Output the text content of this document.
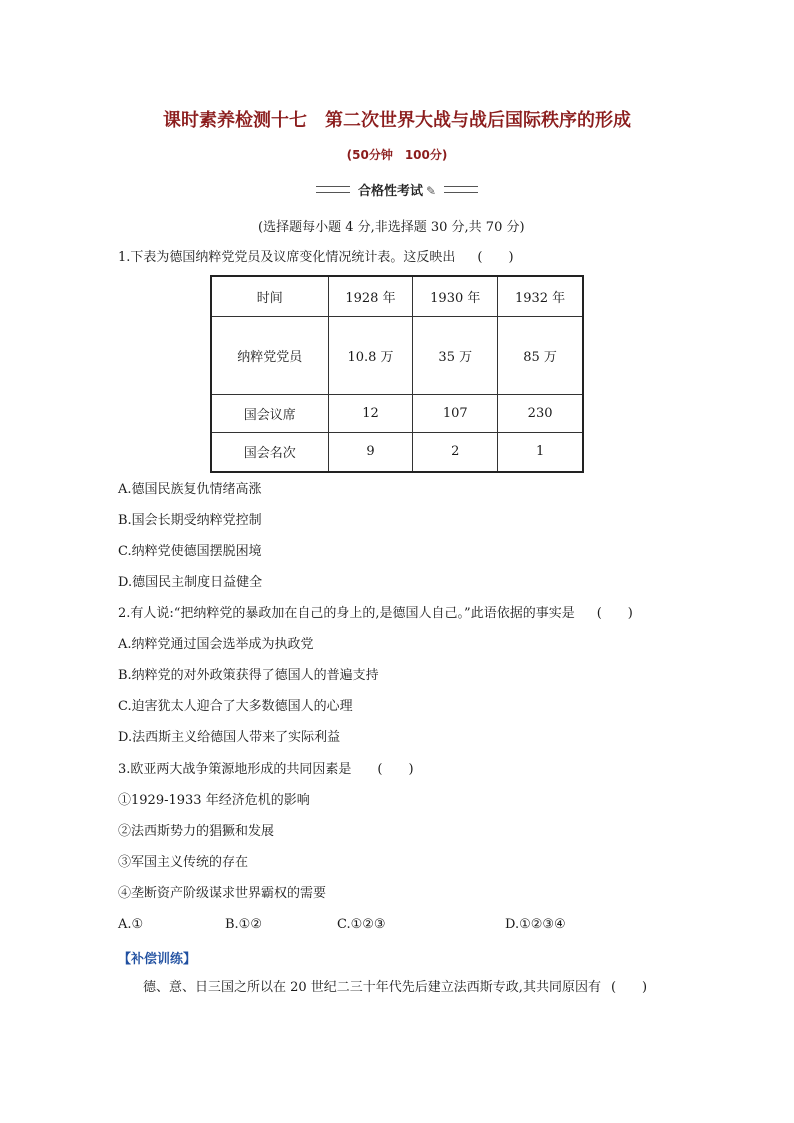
课时素养检测十七　第二次世界大战与战后国际秩序的形成
(50分钟　100分)
合格性考试 ✎
(选择题每小题 4 分,非选择题 30 分,共 70 分)
1.下表为德国纳粹党党员及议席变化情况统计表。这反映出 (　　)
时间	1928 年	1930 年	1932 年
纳粹党党员	10.8 万	35 万	85 万
国会议席	12	107	230
国会名次	9	2	1
A.德国民族复仇情绪高涨
B.国会长期受纳粹党控制
C.纳粹党使德国摆脱困境
D.德国民主制度日益健全
2.有人说:“把纳粹党的暴政加在自己的身上的,是德国人自己。”此语依据的事实是 (　　)
A.纳粹党通过国会选举成为执政党
B.纳粹党的对外政策获得了德国人的普遍支持
C.迫害犹太人迎合了大多数德国人的心理
D.法西斯主义给德国人带来了实际利益
3.欧亚两大战争策源地形成的共同因素是 (　　)
①1929-1933 年经济危机的影响
②法西斯势力的猖獗和发展
③军国主义传统的存在
④垄断资产阶级谋求世界霸权的需要
A.①	B.①②	C.①②③	D.①②③④
【补偿训练】
德、意、日三国之所以在 20 世纪二三十年代先后建立法西斯专政,其共同原因有 (　　)
